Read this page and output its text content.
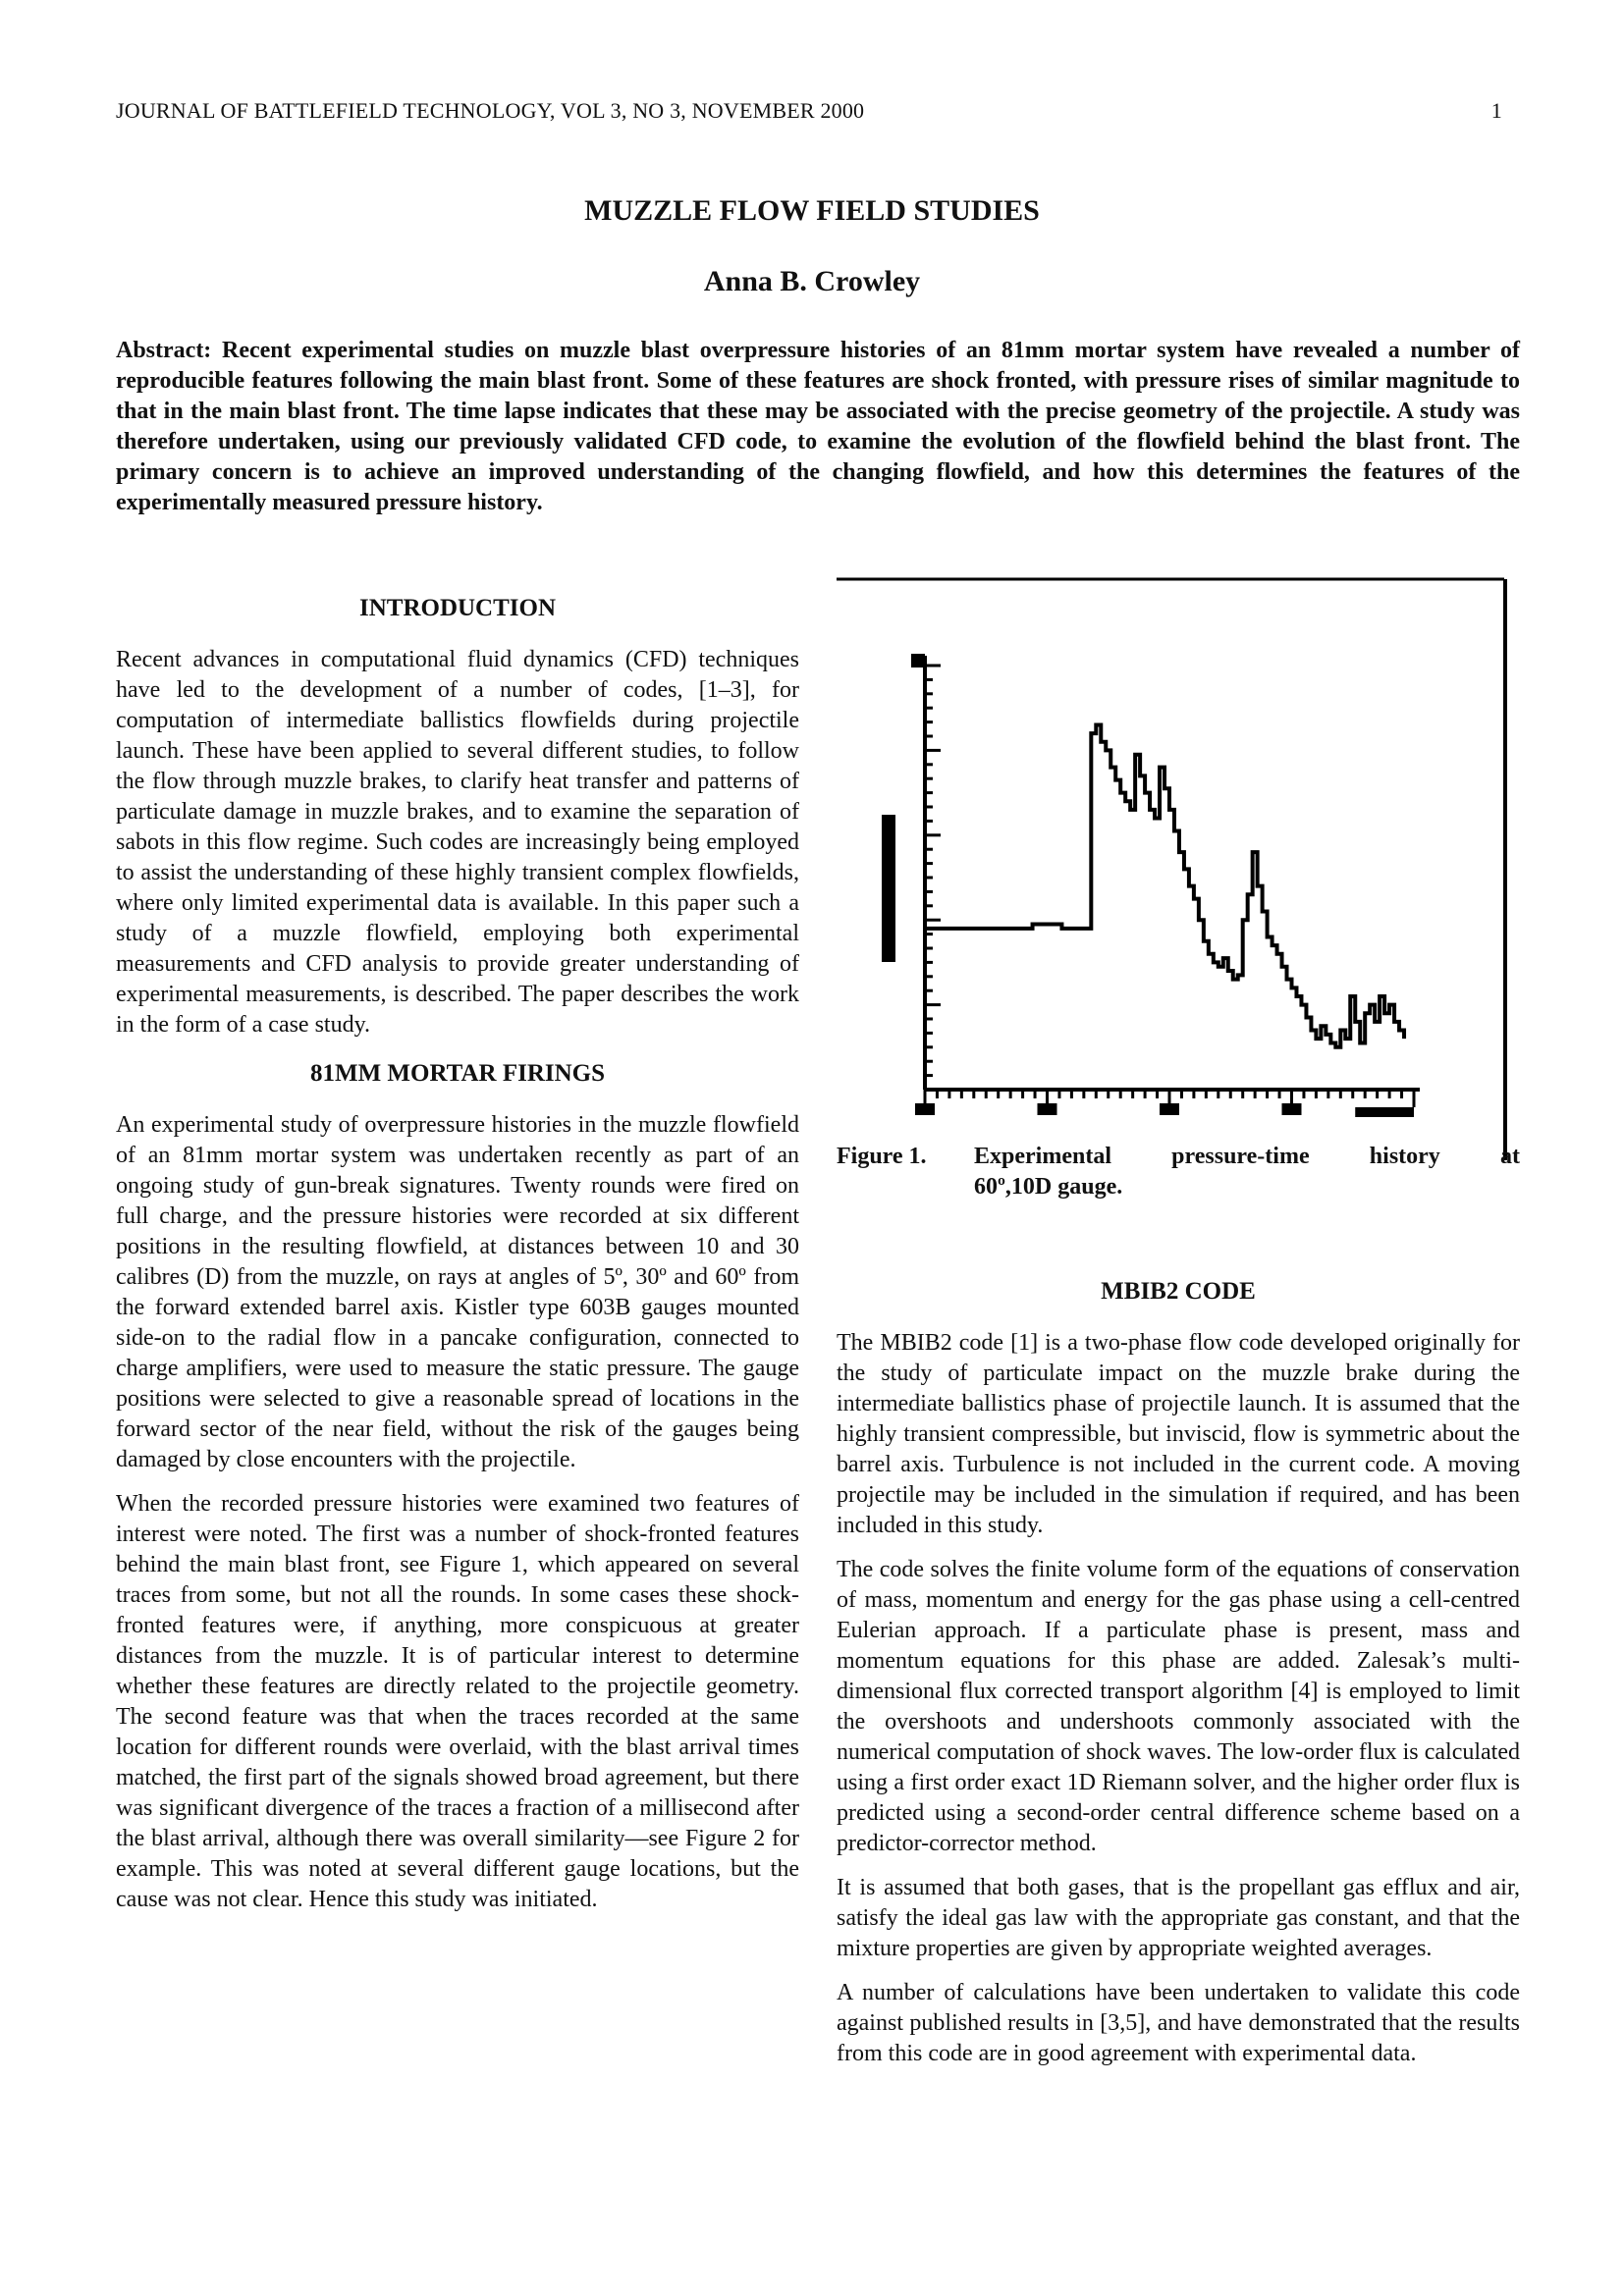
JOURNAL OF BATTLEFIELD TECHNOLOGY, VOL 3, NO 3, NOVEMBER 2000	1
MUZZLE FLOW FIELD STUDIES
Anna B. Crowley

Abstract: Recent experimental studies on muzzle blast overpressure histories of an 81mm mortar system have revealed a number of reproducible features following the main blast front. Some of these features are shock fronted, with pressure rises of similar magnitude to that in the main blast front. The time lapse indicates that these may be associated with the precise geometry of the projectile. A study was therefore undertaken, using our previously validated CFD code, to examine the evolution of the flowfield behind the blast front. The primary concern is to achieve an improved understanding of the changing flowfield, and how this determines the features of the experimentally measured pressure history.

INTRODUCTION

Recent advances in computational fluid dynamics (CFD) techniques have led to the development of a number of codes, [1–3], for computation of intermediate ballistics flowfields during projectile launch. These have been applied to several different studies, to follow the flow through muzzle brakes, to clarify heat transfer and patterns of particulate damage in muzzle brakes, and to examine the separation of sabots in this flow regime. Such codes are increasingly being employed to assist the understanding of these highly transient complex flowfields, where only limited experimental data is available. In this paper such a study of a muzzle flowfield, employing both experimental measurements and CFD analysis to provide greater understanding of experimental measurements, is described. The paper describes the work in the form of a case study.

81MM MORTAR FIRINGS

An experimental study of overpressure histories in the muzzle flowfield of an 81mm mortar system was undertaken recently as part of an ongoing study of gun-break signatures. Twenty rounds were fired on full charge, and the pressure histories were recorded at six different positions in the resulting flowfield, at distances between 10 and 30 calibres (D) from the muzzle, on rays at angles of 5º, 30º and 60º from the forward extended barrel axis. Kistler type 603B gauges mounted side-on to the radial flow in a pancake configuration, connected to charge amplifiers, were used to measure the static pressure. The gauge positions were selected to give a reasonable spread of locations in the forward sector of the near field, without the risk of the gauges being damaged by close encounters with the projectile.

When the recorded pressure histories were examined two features of interest were noted. The first was a number of shock-fronted features behind the main blast front, see Figure 1, which appeared on several traces from some, but not all the rounds. In some cases these shock-fronted features were, if anything, more conspicuous at greater distances from the muzzle. It is of particular interest to determine whether these features are directly related to the projectile geometry. The second feature was that when the traces recorded at the same location for different rounds were overlaid, with the blast arrival times matched, the first part of the signals showed broad agreement, but there was significant divergence of the traces a fraction of a millisecond after the blast arrival, although there was overall similarity—see Figure 2 for example. This was noted at several different gauge locations, but the cause was not clear. Hence this study was initiated.

Figure 1. Experimental pressure-time history at
60º,10D gauge.
MBIB2 CODE

The MBIB2 code [1] is a two-phase flow code developed originally for the study of particulate impact on the muzzle brake during the intermediate ballistics phase of projectile launch. It is assumed that the highly transient compressible, but inviscid, flow is symmetric about the barrel axis. Turbulence is not included in the current code. A moving projectile may be included in the simulation if required, and has been included in this study.

The code solves the finite volume form of the equations of conservation of mass, momentum and energy for the gas phase using a cell-centred Eulerian approach. If a particulate phase is present, mass and momentum equations for this phase are added. Zalesak’s multi-dimensional flux corrected transport algorithm [4] is employed to limit the overshoots and undershoots commonly associated with the numerical computation of shock waves. The low-order flux is calculated using a first order exact 1D Riemann solver, and the higher order flux is predicted using a second-order central difference scheme based on a predictor-corrector method.

It is assumed that both gases, that is the propellant gas efflux and air, satisfy the ideal gas law with the appropriate gas constant, and that the mixture properties are given by appropriate weighted averages.

A number of calculations have been undertaken to validate this code against published results in [3,5], and have demonstrated that the results from this code are in good agreement with experimental data.
